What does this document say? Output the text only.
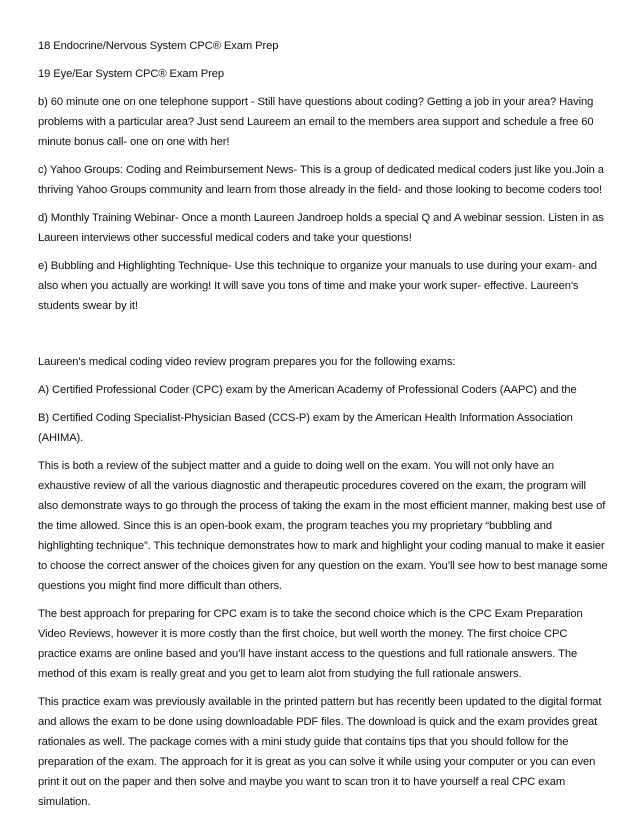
18 Endocrine/Nervous System CPC® Exam Prep

19 Eye/Ear System CPC® Exam Prep

b) 60 minute one on one telephone support - Still have questions about coding? Getting a job in your area? Having problems with a particular area? Just send Laureem an email to the members area support and schedule a free 60 minute bonus call- one on one with her!

c) Yahoo Groups: Coding and Reimbursement News- This is a group of dedicated medical coders just like you.Join a thriving Yahoo Groups community and learn from those already in the field- and those looking to become coders too!

d) Monthly Training Webinar- Once a month Laureen Jandroep holds a special Q and A webinar session. Listen in as Laureen interviews other successful medical coders and take your questions!

e) Bubbling and Highlighting Technique- Use this technique to organize your manuals to use during your exam- and also when you actually are working! It will save you tons of time and make your work super- effective. Laureen's students swear by it!

Laureen's medical coding video review program prepares you for the following exams:

A) Certified Professional Coder (CPC) exam by the American Academy of Professional Coders (AAPC) and the

B) Certified Coding Specialist-Physician Based (CCS-P) exam by the American Health Information Association (AHIMA).

This is both a review of the subject matter and a guide to doing well on the exam. You will not only have an exhaustive review of all the various diagnostic and therapeutic procedures covered on the exam, the program will also demonstrate ways to go through the process of taking the exam in the most efficient manner, making best use of the time allowed. Since this is an open-book exam, the program teaches you my proprietary “bubbling and highlighting technique”. This technique demonstrates how to mark and highlight your coding manual to make it easier to choose the correct answer of the choices given for any question on the exam. You’ll see how to best manage some questions you might find more difficult than others.

The best approach for preparing for CPC exam is to take the second choice which is the CPC Exam Preparation Video Reviews, however it is more costly than the first choice, but well worth the money. The first choice CPC practice exams are online based and you’ll have instant access to the questions and full rationale answers. The method of this exam is really great and you get to learn alot from studying the full rationale answers.

This practice exam was previously available in the printed pattern but has recently been updated to the digital format and allows the exam to be done using downloadable PDF files. The download is quick and the exam provides great rationales as well. The package comes with a mini study guide that contains tips that you should follow for the preparation of the exam. The approach for it is great as you can solve it while using your computer or you can even print it out on the paper and then solve and maybe you want to scan tron it to have yourself a real CPC exam simulation.
